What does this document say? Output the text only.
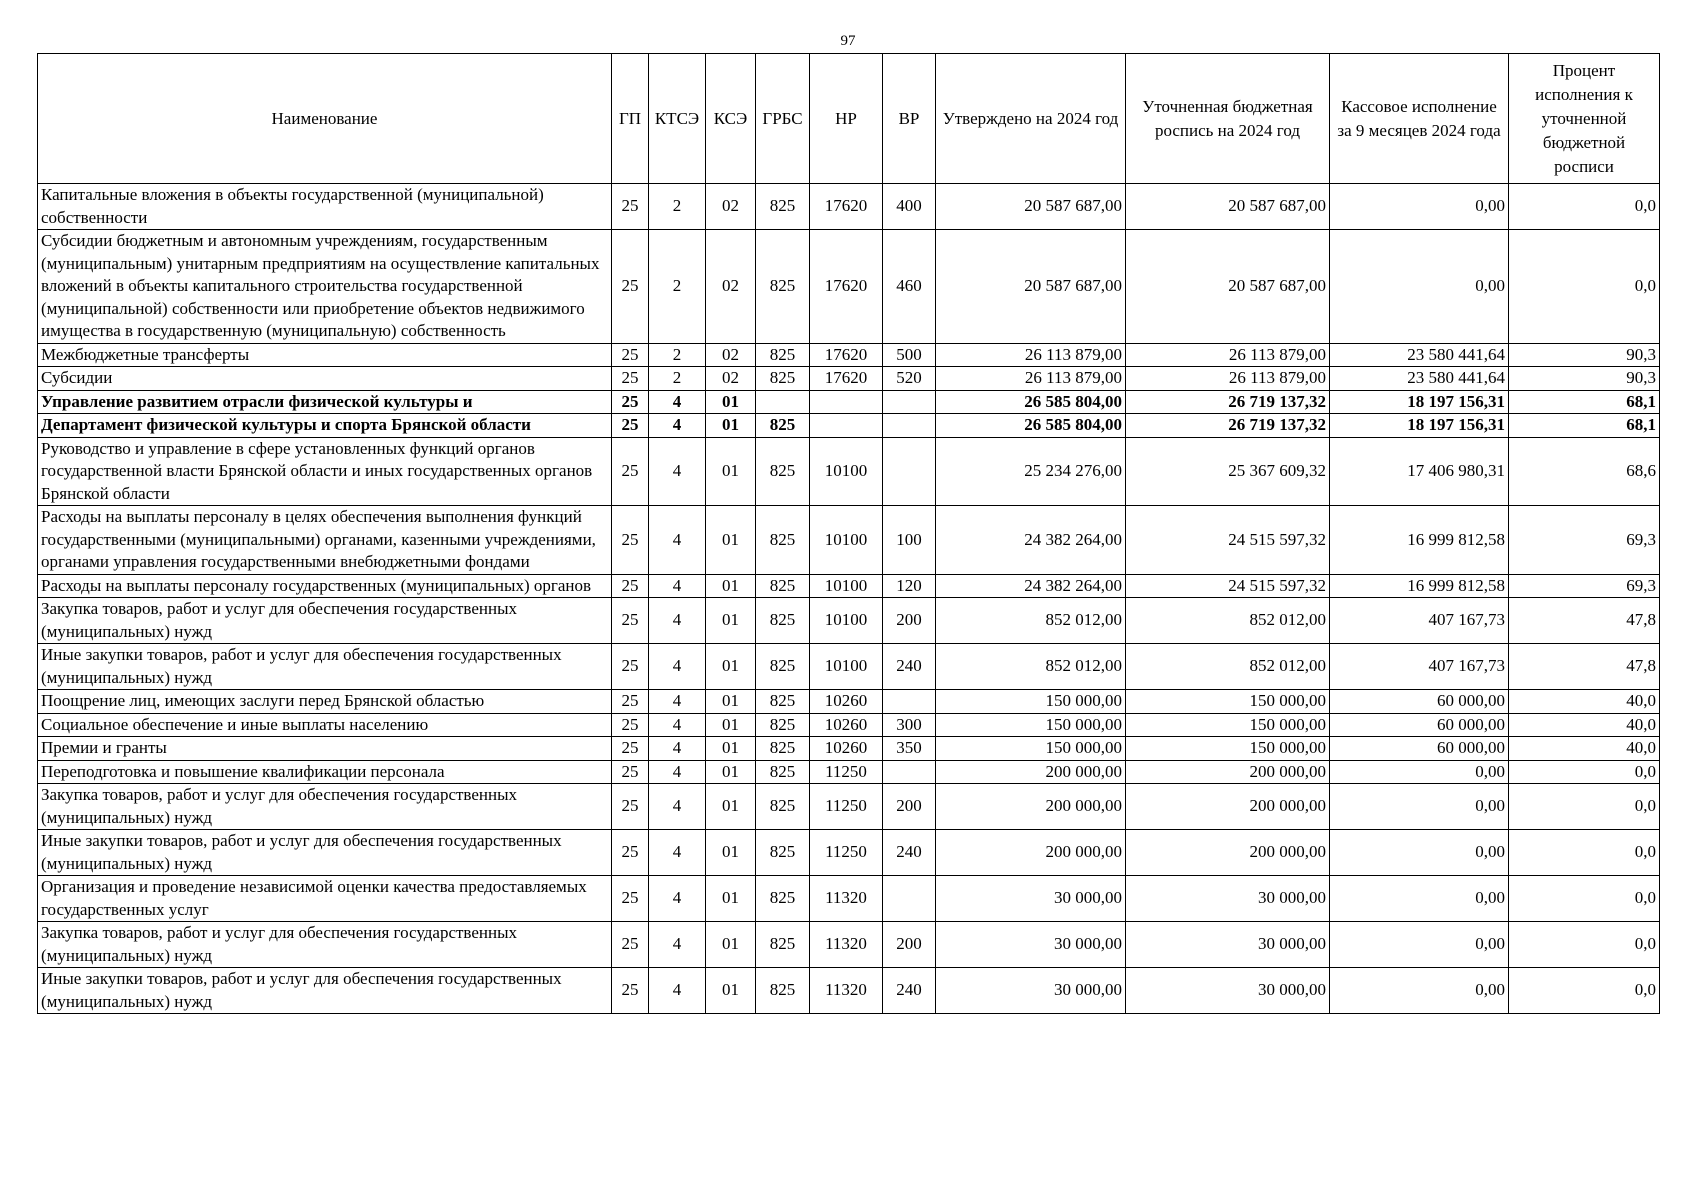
97
Наименование	ГП	КТСЭ	КСЭ	ГРБС	НР	ВР	Утверждено на 2024 год	Уточненная бюджетная роспись на 2024 год	Кассовое исполнение за 9 месяцев 2024 года	Процент исполнения к уточненной бюджетной росписи
Капитальные вложения в объекты государственной (муниципальной) собственности	25	2	02	825	17620	400	20 587 687,00	20 587 687,00	0,00	0,0
Субсидии бюджетным и автономным учреждениям, государственным (муниципальным) унитарным предприятиям на осуществление капитальных вложений в объекты капитального строительства государственной (муниципальной) собственности или приобретение объектов недвижимого имущества в государственную (муниципальную) собственность	25	2	02	825	17620	460	20 587 687,00	20 587 687,00	0,00	0,0
Межбюджетные трансферты	25	2	02	825	17620	500	26 113 879,00	26 113 879,00	23 580 441,64	90,3
Субсидии	25	2	02	825	17620	520	26 113 879,00	26 113 879,00	23 580 441,64	90,3
Управление развитием отрасли физической культуры и	25	4	01				26 585 804,00	26 719 137,32	18 197 156,31	68,1
Департамент физической культуры и спорта Брянской области	25	4	01	825			26 585 804,00	26 719 137,32	18 197 156,31	68,1
Руководство и управление в сфере установленных функций органов государственной власти Брянской области и иных государственных органов Брянской области	25	4	01	825	10100		25 234 276,00	25 367 609,32	17 406 980,31	68,6
Расходы на выплаты персоналу в целях обеспечения выполнения функций государственными (муниципальными) органами, казенными учреждениями, органами управления государственными внебюджетными фондами	25	4	01	825	10100	100	24 382 264,00	24 515 597,32	16 999 812,58	69,3
Расходы на выплаты персоналу государственных (муниципальных) органов	25	4	01	825	10100	120	24 382 264,00	24 515 597,32	16 999 812,58	69,3
Закупка товаров, работ и услуг для обеспечения государственных (муниципальных) нужд	25	4	01	825	10100	200	852 012,00	852 012,00	407 167,73	47,8
Иные закупки товаров, работ и услуг для обеспечения государственных (муниципальных) нужд	25	4	01	825	10100	240	852 012,00	852 012,00	407 167,73	47,8
Поощрение лиц, имеющих заслуги перед Брянской областью	25	4	01	825	10260		150 000,00	150 000,00	60 000,00	40,0
Социальное обеспечение и иные выплаты населению	25	4	01	825	10260	300	150 000,00	150 000,00	60 000,00	40,0
Премии и гранты	25	4	01	825	10260	350	150 000,00	150 000,00	60 000,00	40,0
Переподготовка и повышение квалификации персонала	25	4	01	825	11250		200 000,00	200 000,00	0,00	0,0
Закупка товаров, работ и услуг для обеспечения государственных (муниципальных) нужд	25	4	01	825	11250	200	200 000,00	200 000,00	0,00	0,0
Иные закупки товаров, работ и услуг для обеспечения государственных (муниципальных) нужд	25	4	01	825	11250	240	200 000,00	200 000,00	0,00	0,0
Организация и проведение независимой оценки качества предоставляемых государственных услуг	25	4	01	825	11320		30 000,00	30 000,00	0,00	0,0
Закупка товаров, работ и услуг для обеспечения государственных (муниципальных) нужд	25	4	01	825	11320	200	30 000,00	30 000,00	0,00	0,0
Иные закупки товаров, работ и услуг для обеспечения государственных (муниципальных) нужд	25	4	01	825	11320	240	30 000,00	30 000,00	0,00	0,0
